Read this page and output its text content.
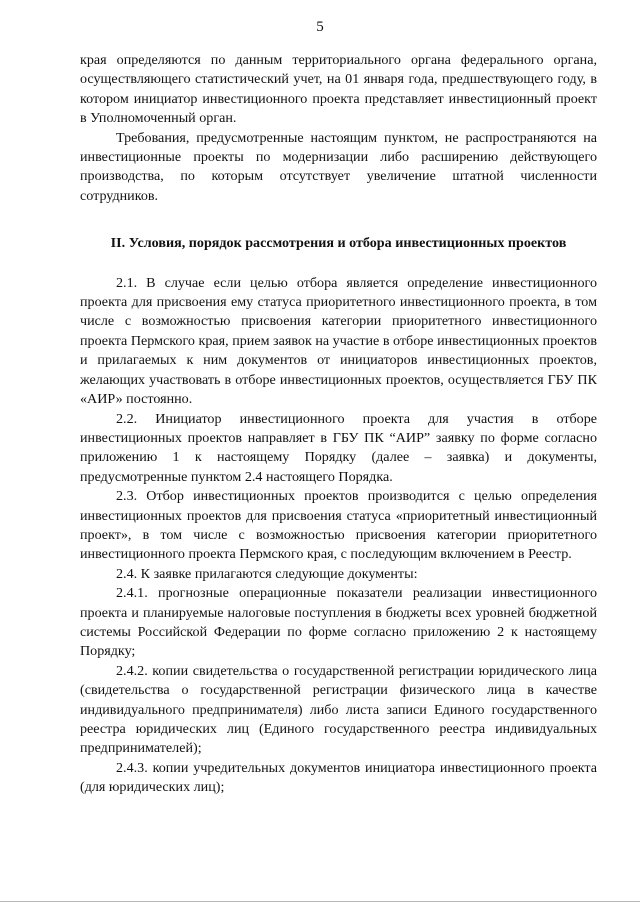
5

края определяются по данным территориального органа федерального органа, осуществляющего статистический учет, на 01 января года, предшествующего году, в котором инициатор инвестиционного проекта представляет инвестиционный проект в Уполномоченный орган.

Требования, предусмотренные настоящим пунктом, не распространяются на инвестиционные проекты по модернизации либо расширению действующего производства, по которым отсутствует увеличение штатной численности сотрудников.

II. Условия, порядок рассмотрения и отбора инвестиционных проектов

2.1. В случае если целью отбора является определение инвестиционного проекта для присвоения ему статуса приоритетного инвестиционного проекта, в том числе с возможностью присвоения категории приоритетного инвестиционного проекта Пермского края, прием заявок на участие в отборе инвестиционных проектов и прилагаемых к ним документов от инициаторов инвестиционных проектов, желающих участвовать в отборе инвестиционных проектов, осуществляется ГБУ ПК «АИР» постоянно.

2.2. Инициатор инвестиционного проекта для участия в отборе инвестиционных проектов направляет в ГБУ ПК “АИР” заявку по форме согласно приложению 1 к настоящему Порядку (далее – заявка) и документы, предусмотренные пунктом 2.4 настоящего Порядка.

2.3. Отбор инвестиционных проектов производится с целью определения инвестиционных проектов для присвоения статуса «приоритетный инвестиционный проект», в том числе с возможностью присвоения категории приоритетного инвестиционного проекта Пермского края, с последующим включением в Реестр.

2.4. К заявке прилагаются следующие документы:

2.4.1. прогнозные операционные показатели реализации инвестиционного проекта и планируемые налоговые поступления в бюджеты всех уровней бюджетной системы Российской Федерации по форме согласно приложению 2 к настоящему Порядку;

2.4.2. копии свидетельства о государственной регистрации юридического лица (свидетельства о государственной регистрации физического лица в качестве индивидуального предпринимателя) либо листа записи Единого государственного реестра юридических лиц (Единого государственного реестра индивидуальных предпринимателей);

2.4.3. копии учредительных документов инициатора инвестиционного проекта (для юридических лиц);
